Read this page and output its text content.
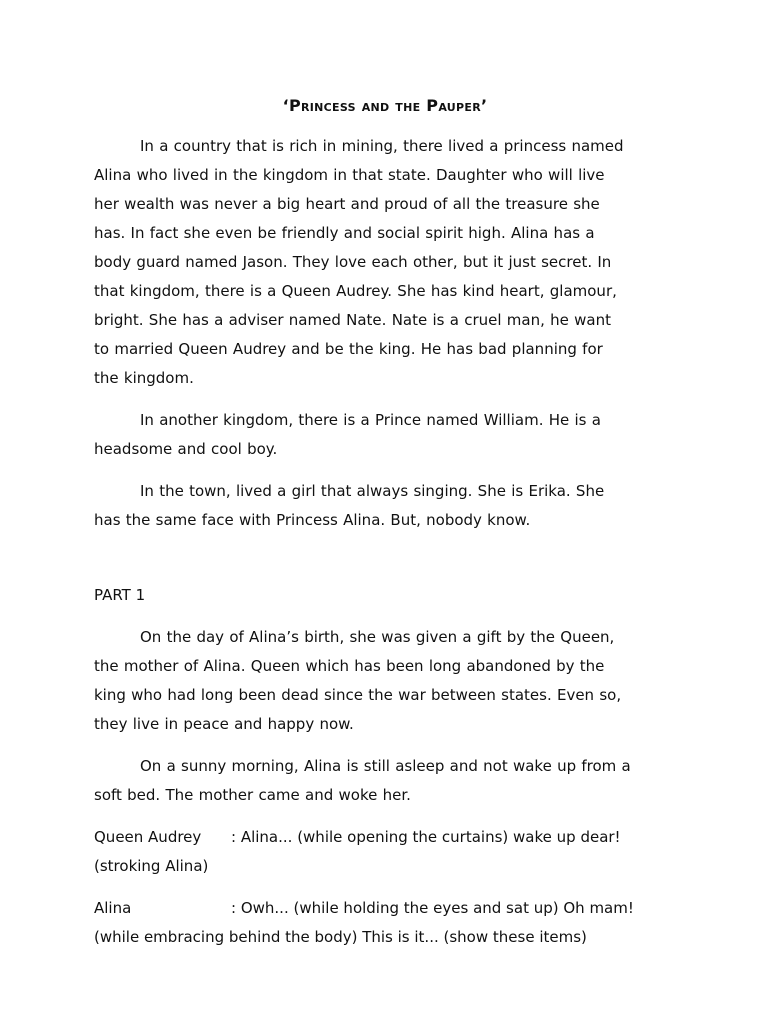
‘Princess and the Pauper’
In a country that is rich in mining, there lived a princess named
Alina who lived in the kingdom in that state. Daughter who will live
her wealth was never a big heart and proud of all the treasure she
has. In fact she even be friendly and social spirit high. Alina has a
body guard named Jason. They love each other, but it just secret. In
that kingdom, there is a Queen Audrey. She has kind heart, glamour,
bright. She has a adviser named Nate. Nate is a cruel man, he want
to married Queen Audrey and be the king. He has bad planning for
the kingdom.
In another kingdom, there is a Prince named William. He is a
headsome and cool boy.
In the town, lived a girl that always singing. She is Erika. She
has the same face with Princess Alina. But, nobody know.
PART 1
On the day of Alina’s birth, she was given a gift by the Queen,
the mother of Alina. Queen which has been long abandoned by the
king who had long been dead since the war between states. Even so,
they live in peace and happy now.
On a sunny morning, Alina is still asleep and not wake up from a
soft bed. The mother came and woke her.
Queen Audrey : Alina... (while opening the curtains) wake up dear!
(stroking Alina)
Alina	: Owh... (while holding the eyes and sat up) Oh mam!
(while embracing behind the body) This is it... (show these items)
